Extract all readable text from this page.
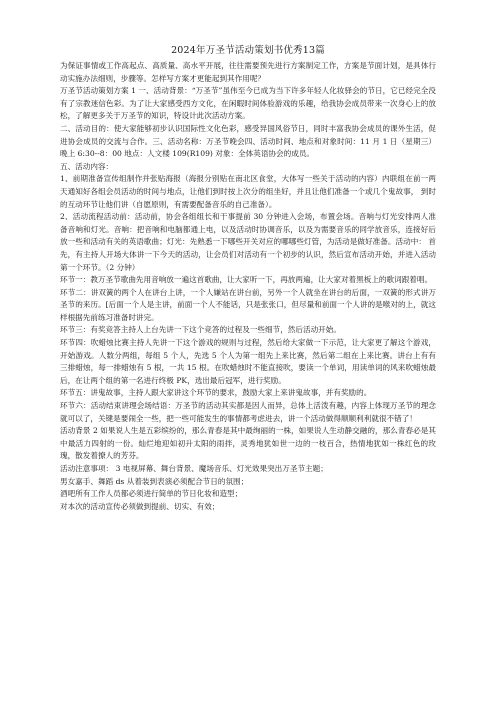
2024年万圣节活动策划书优秀13篇

为保证事情或工作高起点、高质量、高水平开展，往往需要预先进行方案制定工作，方案是节面计划，是具体行动实施办法细则，步骤等。怎样写方案才更能起到其作用呢？

万圣节活动策划方案 1 一、活动背景：“万圣节”虽伟至今已成为当下许多年轻人化妆驿会的节日，它已经完全没有了宗教迷信色彩。为了让大家感受西方文化，在闲暇时间体验游戏的乐趣，给我协会成员带来一次身心上的放松，了解更多关于万圣节的知识，特设计此次活动方案。

二、活动目的：使大家能够初步认识国际性文化色彩，感受异国风俗节日，同时丰富我协会成员的课外生活，促进协会成员的交流与合作。三、活动名称：万圣节晚会四、活动时间、地点和对象时间：11 月 1 日（星期三）晚上 6:30--8：00 地点：人文楼 109(R109) 对象：全体英语协会的成员。

五、活动内容：

1、前期准备宣传组制作并张贴海报（海报分别贴在南北区食堂，大体写一些关于活动的内容）内联组在前一两天通知好各组会员活动的时间与地点，让他们到时按上次分的组坐好，并且让他们准备一个或几个鬼故事， 到时的互动环节让他们讲（自愿原则，有需要配备音乐的自己准备）。

2、活动流程活动前：活动前，协会各组组长和干事提前 30 分钟进入会场，布置会场。音响与灯光安排两人准备音响和灯光。音响：把音响和电脑都通上电，以及活动时协调音乐，以及为需要音乐的同学放音乐，连接好后放一些和活动有关的英语歌曲；灯光：先熟悉一下哪些开关对应的哪哪些灯管，为活动是做好准备。活动中： 首先，有主持人开场大体讲一下今天的活动，让会员们对活动有一个初步的认识，然后宣布活动开始，并进入活动第一个环节。（2 分钟）

环节一：教万圣节歌曲先用音响放一遍这首歌曲，让大家听一下，再放两遍，让大家对着黑板上的歌词跟着唱。

环节二：讲双簧的两个人在讲台上讲，一个人嫌站在讲台前，另外一个人就坐在讲台的后面，一双簧的形式讲万圣节的来历。[后面一个人是主讲，前面一个人不能话，只是张张口，但尽量和前面一个人讲的是喉对的上，就这样根据先前练习准备时讲完。

环节三：有奖竞答主持人上台先讲一下这个竞答的过程及一些细节，然后活动开始。

环节四：吹蜡烛比赛主持人先讲一下这个游戏的规则与过程，然后给大家做一下示范，让大家更了解这个游戏，开始游戏。人数分两组，每组 5 个人，先选 5 个人为第一组先上来比赛，然后第二组在上来比赛。讲台上有有三排蜡烛，每一排蜡烛有 5 根，一共 15 根。在吹蜡烛时不能直接吹，要读一个单词，用读单词的风来吹蜡烛最后，在让两个组的第一名进行终极 PK，选出最后冠军，进行奖励。

环节五：讲鬼故事，主持人跟大家讲这个环节的要求，鼓励大家上来讲鬼故事，并有奖励的。

环节六：活动结束讲理会场结语：万圣节的活动其实都是因人而异，总体上活泼有趣，内容上体现万圣节的理念就可以了，关键是要闹全一些，把一些可能发生的事情都考虑进去，讲一个活动做得顺顺利利就很不错了！

活动背景 2 如果说人生是五彩缤纷的，那么青春是其中最绚丽的一株，如果说人生动静交融的，那么青春必是其中最活力四射的一份。灿烂地迎如初升太阳的雨拌，灵秀地犹如世一边的一枝百合，热情地犹如一株红色的玫瑰，散发着撩人的芳芬。

活动注意事项： 3 电视屏幕、舞台背景、魔场音乐、灯光效果突出万圣节主题；

男女嘉手、舞蹈 ds 从着装到表演必须配合节日的氛围；

酒吧所有工作人员都必须进行简单的节日化妆和造型；

对本次的活动宣传必须做到提前、切实、有效；
